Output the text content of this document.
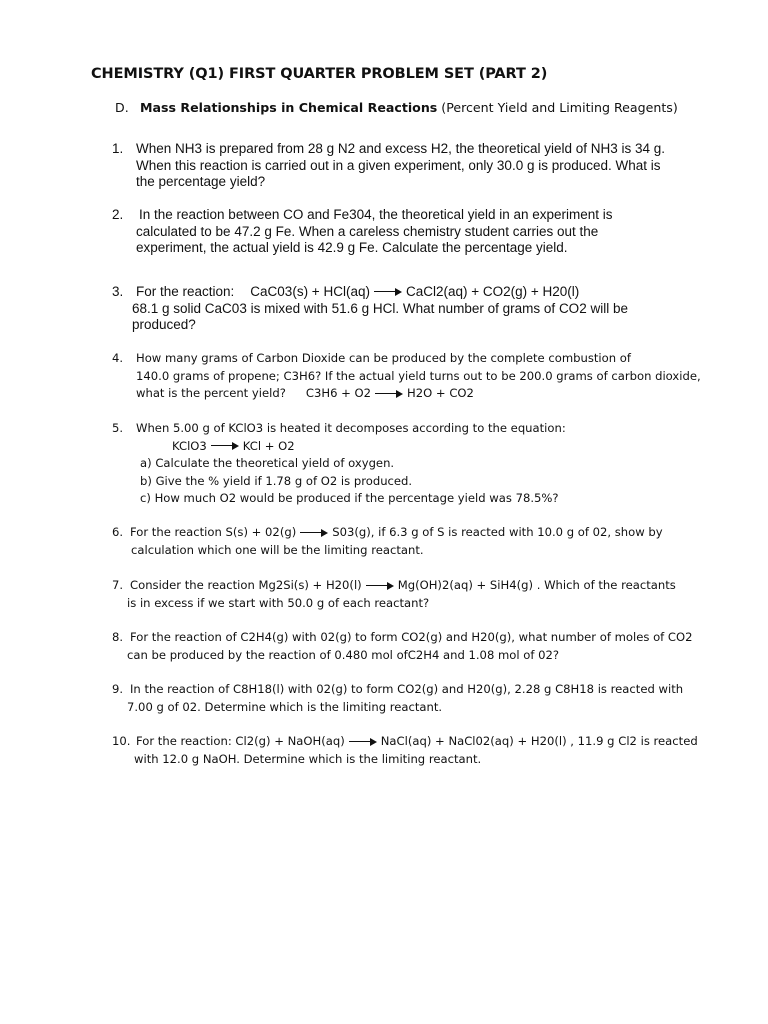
CHEMISTRY (Q1) FIRST QUARTER PROBLEM SET (PART 2)
D. Mass Relationships in Chemical Reactions (Percent Yield and Limiting Reagents)
1. When NH3 is prepared from 28 g N2 and excess H2, the theoretical yield of NH3 is 34 g.
When this reaction is carried out in a given experiment, only 30.0 g is produced. What is
the percentage yield?
2. In the reaction between CO and Fe304, the theoretical yield in an experiment is
calculated to be 47.2 g Fe. When a careless chemistry student carries out the
experiment, the actual yield is 42.9 g Fe. Calculate the percentage yield.
3. For the reaction: CaC03(s) + HCl(aq)	CaCl2(aq) + CO2(g) + H20(l)
68.1 g solid CaC03 is mixed with 51.6 g HCl. What number of grams of CO2 will be
produced?
4. How many grams of Carbon Dioxide can be produced by the complete combustion of
140.0 grams of propene; C3H6? If the actual yield turns out to be 200.0 grams of carbon dioxide,
what is the percent yield? C3H6 + O2	H2O + CO2
5. When 5.00 g of KClO3 is heated it decomposes according to the equation:
KClO3	KCl + O2
a) Calculate the theoretical yield of oxygen.
b) Give the % yield if 1.78 g of O2 is produced.
c) How much O2 would be produced if the percentage yield was 78.5%?
6. For the reaction S(s) + 02(g)	S03(g), if 6.3 g of S is reacted with 10.0 g of 02, show by
calculation which one will be the limiting reactant.
7. Consider the reaction Mg2Si(s) + H20(l)	Mg(OH)2(aq) + SiH4(g) . Which of the reactants
is in excess if we start with 50.0 g of each reactant?
8. For the reaction of C2H4(g) with 02(g) to form CO2(g) and H20(g), what number of moles of CO2
can be produced by the reaction of 0.480 mol ofC2H4 and 1.08 mol of 02?
9. In the reaction of C8H18(l) with 02(g) to form CO2(g) and H20(g), 2.28 g C8H18 is reacted with
7.00 g of 02. Determine which is the limiting reactant.
10. For the reaction: Cl2(g) + NaOH(aq)	NaCl(aq) + NaCl02(aq) + H20(l) , 11.9 g Cl2 is reacted
with 12.0 g NaOH. Determine which is the limiting reactant.
